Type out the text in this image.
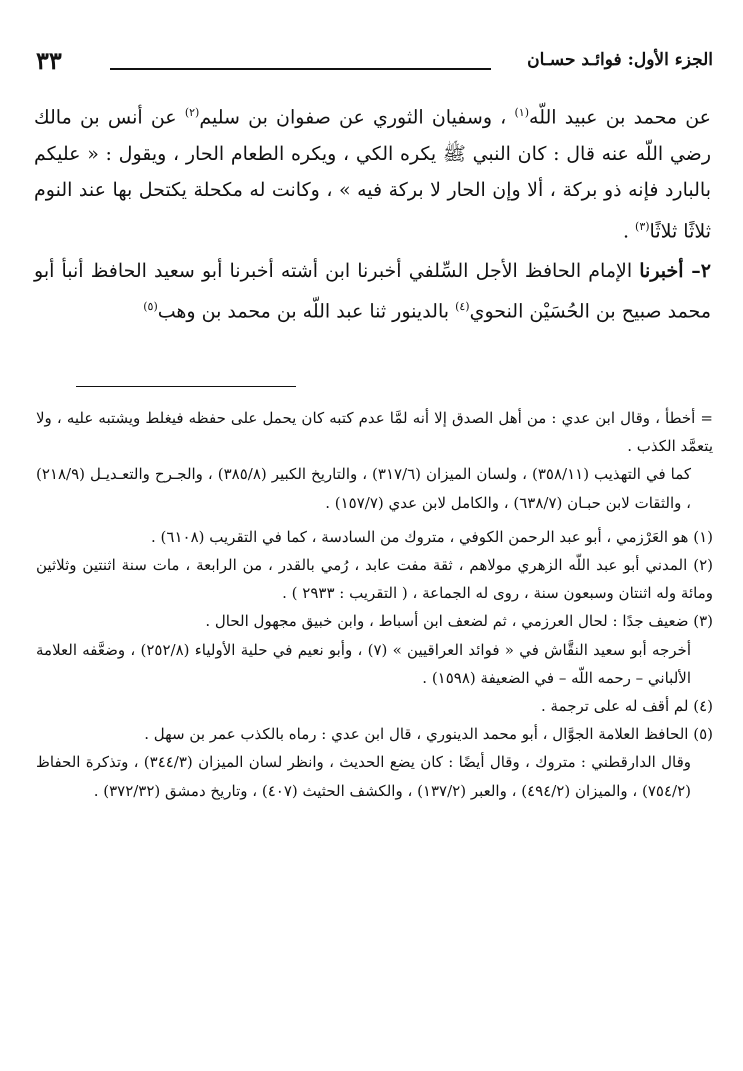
الجزء الأول: فوائـد حسـان
٣٣

عن محمد بن عبيد اللّه$^{(١)}$ ، وسفيان الثوري عن صفوان بن سليم$^{(٢)}$ عن أنس بن مالك رضي اللّه عنه قال : كان النبي ﷺ يكره الكي ، ويكره الطعام الحار ، ويقول : « عليكم بالبارد فإنه ذو بركة ، ألا وإن الحار لا بركة فيه » ، وكانت له مكحلة يكتحل بها عند النوم ثلاثًا ثلاثًا$^{(٣)}$ .

٢– أخبرنا الإمام الحافظ الأجل السِّلفي أخبرنا ابن أشته أخبرنا أبو سعيد الحافظ أنبأ أبو محمد صبيح بن الحُسَيْن النحوي$^{(٤)}$ بالدينور ثنا عبد اللّه بن محمد بن وهب$^{(٥)}$

= أخطأ ، وقال ابن عدي : من أهل الصدق إلا أنه لمَّا عدم كتبه كان يحمل على حفظه فيغلط ويشتبه عليه ، ولا يتعمَّد الكذب .

كما في التهذيب (٣٥٨/١١) ، ولسان الميزان (٣١٧/٦) ، والتاريخ الكبير (٣٨٥/٨) ، والجـرح والتعـديـل (٢١٨/٩) ، والثقات لابن حبـان (٦٣٨/٧) ، والكامل لابن عدي (١٥٧/٧) .

(١) هو العَرْزمي ، أبو عبد الرحمن الكوفي ، متروك من السادسة ، كما في التقريب (٦١٠٨) .

(٢) المدني أبو عبد اللّه الزهري مولاهم ، ثقة مفت عابد ، رُمي بالقدر ، من الرابعة ، مات سنة اثنتين وثلاثين ومائة وله اثنتان وسبعون سنة ، روى له الجماعة ، ( التقريب : ٢٩٣٣ ) .

(٣) ضعيف جدًا : لحال العرزمي ، ثم لضعف ابن أسباط ، وابن خبيق مجهول الحال .

أخرجه أبو سعيد النقَّاش في « فوائد العراقيين » (٧) ، وأبو نعيم في حلية الأولياء (٢٥٢/٨) ، وضعَّفه العلامة الألباني – رحمه اللّه – في الضعيفة (١٥٩٨) .

(٤) لم أقف له على ترجمة .

(٥) الحافظ العلامة الجوَّال ، أبو محمد الدينوري ، قال ابن عدي : رماه بالكذب عمر بن سهل .

وقال الدارقطني : متروك ، وقال أيضًا : كان يضع الحديث ، وانظر لسان الميزان (٣٤٤/٣) ، وتذكرة الحفاظ (٧٥٤/٢) ، والميزان (٤٩٤/٢) ، والعبر (١٣٧/٢) ، والكشف الحثيث (٤٠٧) ، وتاريخ دمشق (٣٧٢/٣٢) .
